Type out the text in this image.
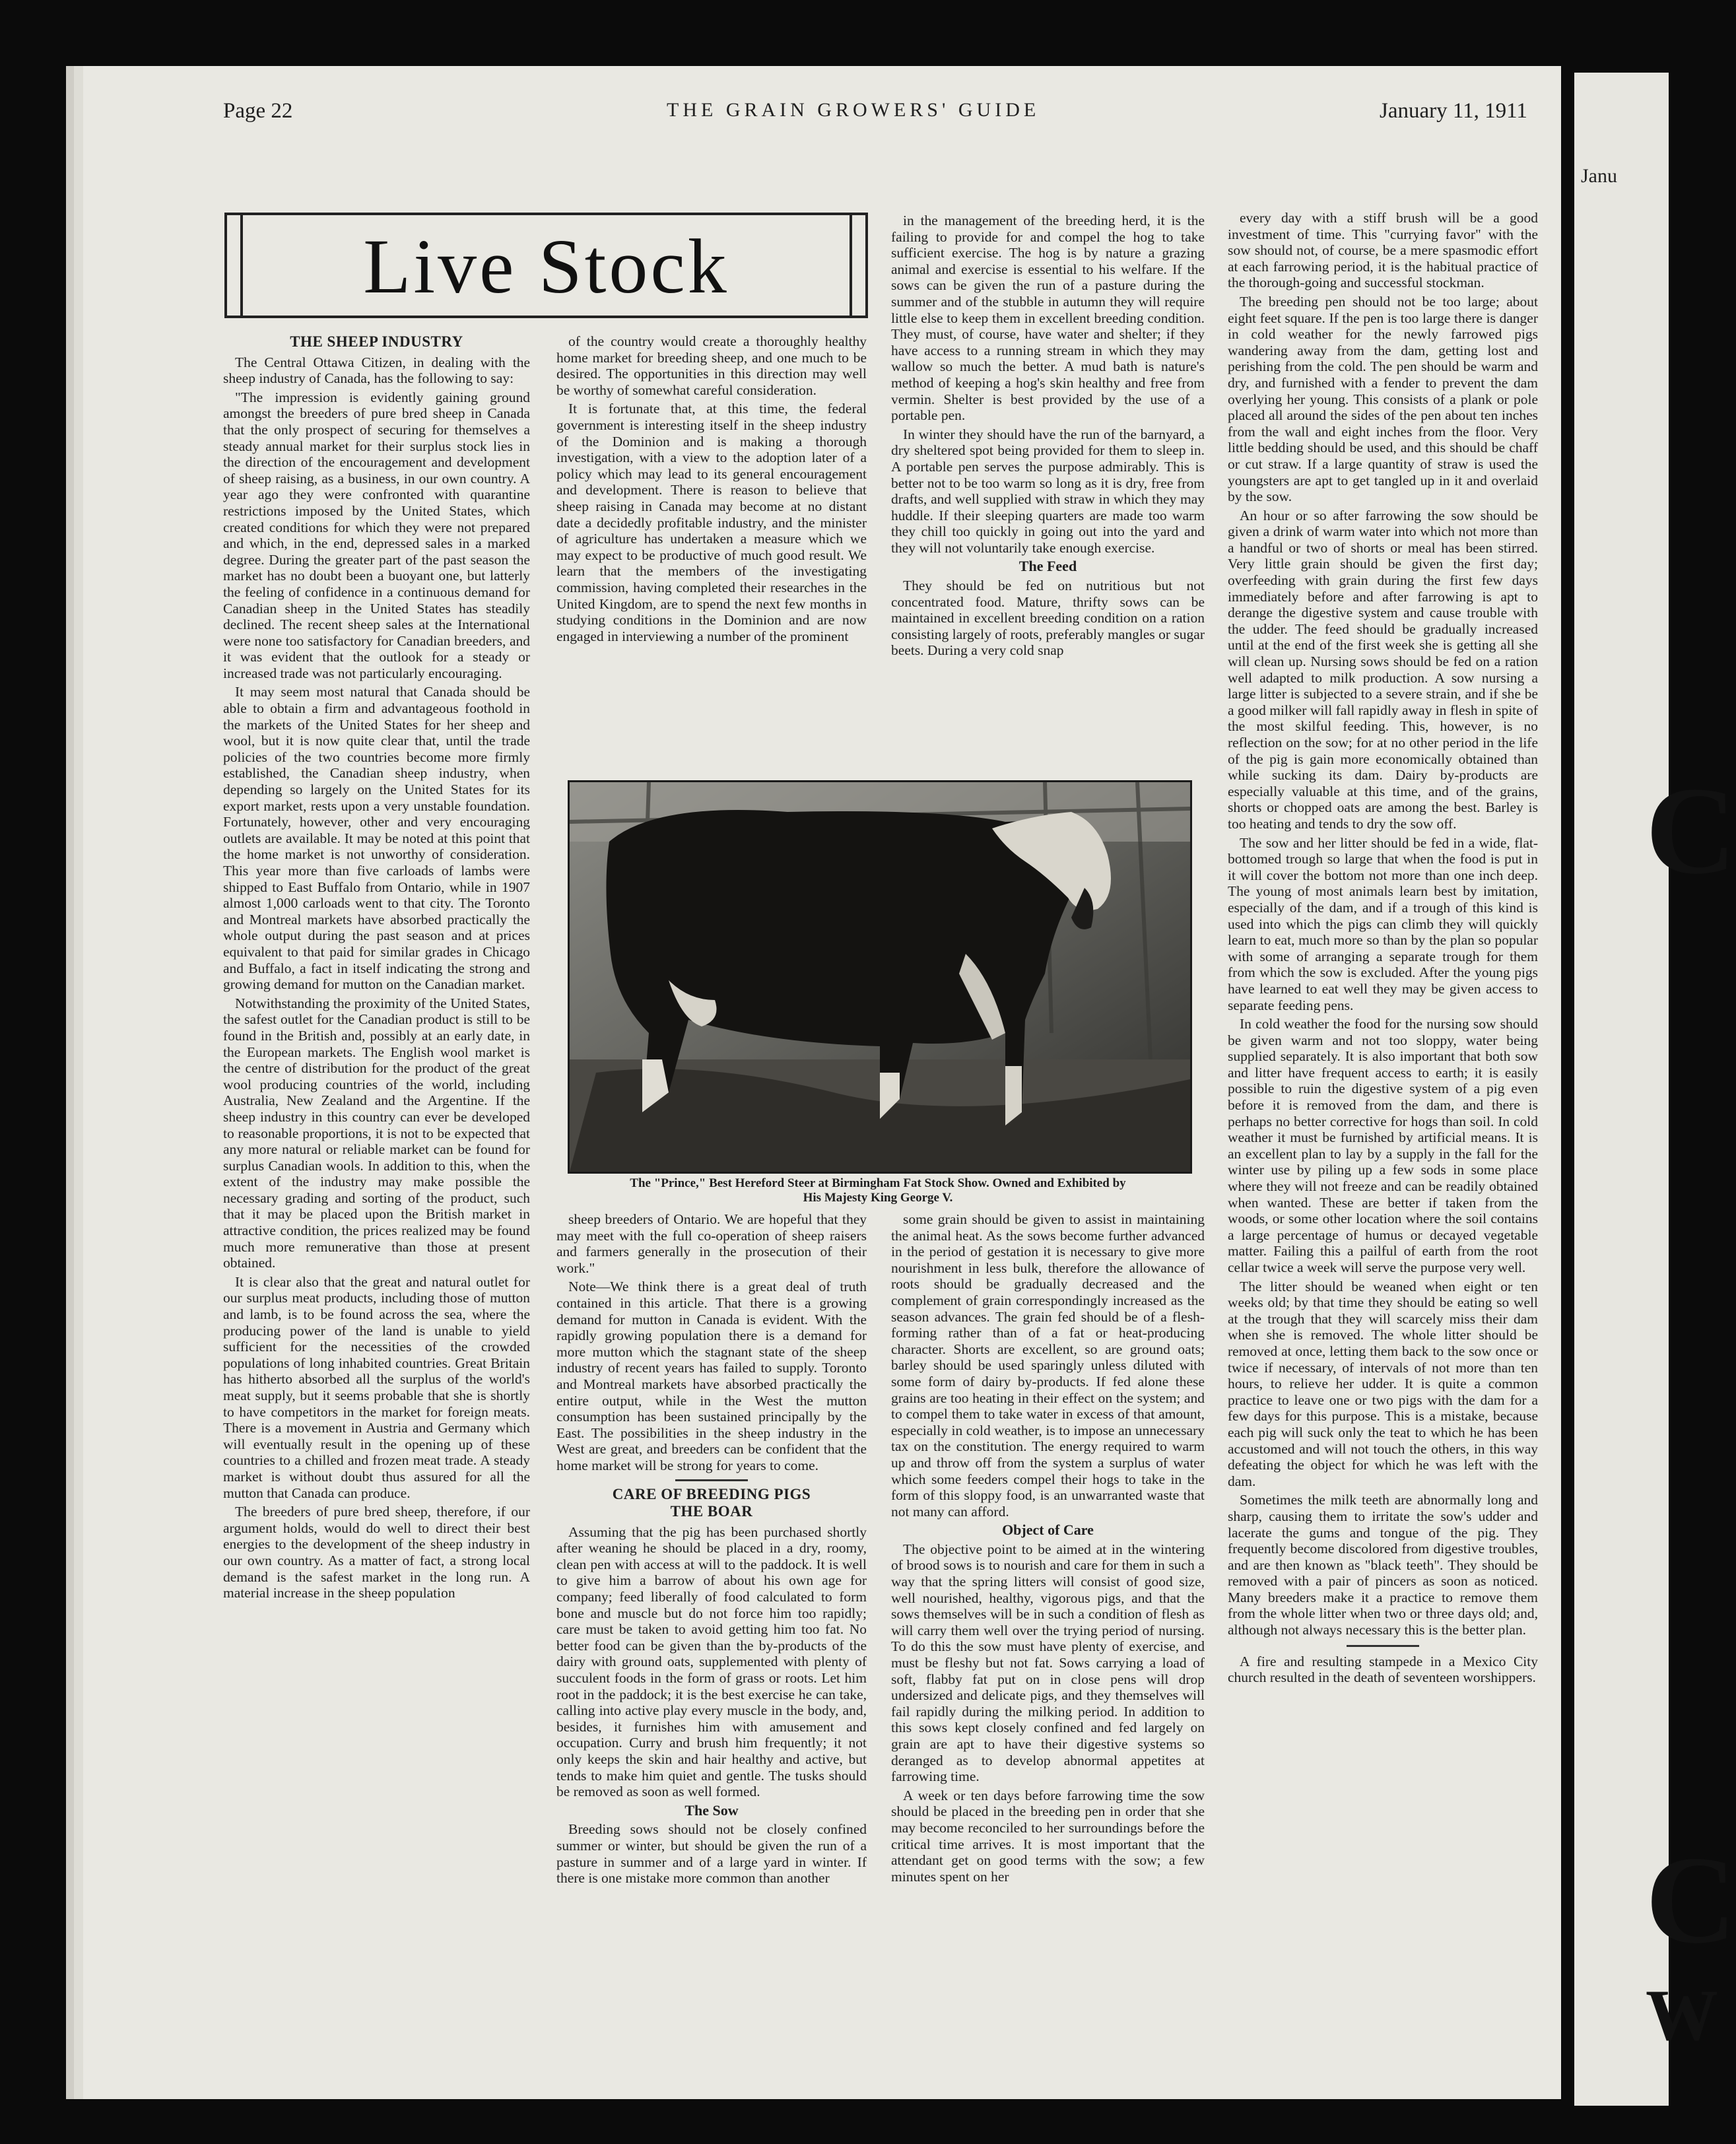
Janu
C
C
W
Page 22	THE GRAIN GROWERS' GUIDE	January 11, 1911
Live Stock
THE SHEEP INDUSTRY

The Central Ottawa Citizen, in dealing with the sheep industry of Canada, has the following to say:

"The impression is evidently gaining ground amongst the breeders of pure bred sheep in Canada that the only prospect of securing for themselves a steady annual market for their surplus stock lies in the direction of the encouragement and development of sheep raising, as a business, in our own country. A year ago they were confronted with quarantine restrictions imposed by the United States, which created conditions for which they were not prepared and which, in the end, depressed sales in a marked degree. During the greater part of the past season the market has no doubt been a buoyant one, but latterly the feeling of confidence in a continuous demand for Canadian sheep in the United States has steadily declined. The recent sheep sales at the International were none too satisfactory for Canadian breeders, and it was evident that the outlook for a steady or increased trade was not particularly encouraging.

It may seem most natural that Canada should be able to obtain a firm and advantageous foothold in the markets of the United States for her sheep and wool, but it is now quite clear that, until the trade policies of the two countries become more firmly established, the Canadian sheep industry, when depending so largely on the United States for its export market, rests upon a very unstable foundation. Fortunately, however, other and very encouraging outlets are available. It may be noted at this point that the home market is not unworthy of consideration. This year more than five carloads of lambs were shipped to East Buffalo from Ontario, while in 1907 almost 1,000 carloads went to that city. The Toronto and Montreal markets have absorbed practically the whole output during the past season and at prices equivalent to that paid for similar grades in Chicago and Buffalo, a fact in itself indicating the strong and growing demand for mutton on the Canadian market.

Notwithstanding the proximity of the United States, the safest outlet for the Canadian product is still to be found in the British and, possibly at an early date, in the European markets. The English wool market is the centre of distribution for the product of the great wool producing countries of the world, including Australia, New Zealand and the Argentine. If the sheep industry in this country can ever be developed to reasonable proportions, it is not to be expected that any more natural or reliable market can be found for surplus Canadian wools. In addition to this, when the extent of the industry may make possible the necessary grading and sorting of the product, such that it may be placed upon the British market in attractive condition, the prices realized may be found much more remunerative than those at present obtained.

It is clear also that the great and natural outlet for our surplus meat products, including those of mutton and lamb, is to be found across the sea, where the producing power of the land is unable to yield sufficient for the necessities of the crowded populations of long inhabited countries. Great Britain has hitherto absorbed all the surplus of the world's meat supply, but it seems probable that she is shortly to have competitors in the market for foreign meats. There is a movement in Austria and Germany which will eventually result in the opening up of these countries to a chilled and frozen meat trade. A steady market is without doubt thus assured for all the mutton that Canada can produce.

The breeders of pure bred sheep, therefore, if our argument holds, would do well to direct their best energies to the development of the sheep industry in our own country. As a matter of fact, a strong local demand is the safest market in the long run. A material increase in the sheep population

of the country would create a thoroughly healthy home market for breeding sheep, and one much to be desired. The opportunities in this direction may well be worthy of somewhat careful consideration.

It is fortunate that, at this time, the federal government is interesting itself in the sheep industry of the Dominion and is making a thorough investigation, with a view to the adoption later of a policy which may lead to its general encouragement and development. There is reason to believe that sheep raising in Canada may become at no distant date a decidedly profitable industry, and the minister of agriculture has undertaken a measure which we may expect to be productive of much good result. We learn that the members of the investigating commission, having completed their researches in the United Kingdom, are to spend the next few months in studying conditions in the Dominion and are now engaged in interviewing a number of the prominent

in the management of the breeding herd, it is the failing to provide for and compel the hog to take sufficient exercise. The hog is by nature a grazing animal and exercise is essential to his welfare. If the sows can be given the run of a pasture during the summer and of the stubble in autumn they will require little else to keep them in excellent breeding condition. They must, of course, have water and shelter; if they have access to a running stream in which they may wallow so much the better. A mud bath is nature's method of keeping a hog's skin healthy and free from vermin. Shelter is best provided by the use of a portable pen.

In winter they should have the run of the barnyard, a dry sheltered spot being provided for them to sleep in. A portable pen serves the purpose admirably. This is better not to be too warm so long as it is dry, free from drafts, and well supplied with straw in which they may huddle. If their sleeping quarters are made too warm they chill too quickly in going out into the yard and they will not voluntarily take enough exercise.

The Feed

They should be fed on nutritious but not concentrated food. Mature, thrifty sows can be maintained in excellent breeding condition on a ration consisting largely of roots, preferably mangles or sugar beets. During a very cold snap

The "Prince," Best Hereford Steer at Birmingham Fat Stock Show. Owned and Exhibited by
His Majesty King George V.

sheep breeders of Ontario. We are hopeful that they may meet with the full co-operation of sheep raisers and farmers generally in the prosecution of their work."

Note—We think there is a great deal of truth contained in this article. That there is a growing demand for mutton in Canada is evident. With the rapidly growing population there is a demand for more mutton which the stagnant state of the sheep industry of recent years has failed to supply. Toronto and Montreal markets have absorbed practically the entire output, while in the West the mutton consumption has been sustained principally by the East. The possibilities in the sheep industry in the West are great, and breeders can be confident that the home market will be strong for years to come.

CARE OF BREEDING PIGS
THE BOAR

Assuming that the pig has been purchased shortly after weaning he should be placed in a dry, roomy, clean pen with access at will to the paddock. It is well to give him a barrow of about his own age for company; feed liberally of food calculated to form bone and muscle but do not force him too rapidly; care must be taken to avoid getting him too fat. No better food can be given than the by-products of the dairy with ground oats, supplemented with plenty of succulent foods in the form of grass or roots. Let him root in the paddock; it is the best exercise he can take, calling into active play every muscle in the body, and, besides, it furnishes him with amusement and occupation. Curry and brush him frequently; it not only keeps the skin and hair healthy and active, but tends to make him quiet and gentle. The tusks should be removed as soon as well formed.

The Sow

Breeding sows should not be closely confined summer or winter, but should be given the run of a pasture in summer and of a large yard in winter. If there is one mistake more common than another

some grain should be given to assist in maintaining the animal heat. As the sows become further advanced in the period of gestation it is necessary to give more nourishment in less bulk, therefore the allowance of roots should be gradually decreased and the complement of grain correspondingly increased as the season advances. The grain fed should be of a flesh-forming rather than of a fat or heat-producing character. Shorts are excellent, so are ground oats; barley should be used sparingly unless diluted with some form of dairy by-products. If fed alone these grains are too heating in their effect on the system; and to compel them to take water in excess of that amount, especially in cold weather, is to impose an unnecessary tax on the constitution. The energy required to warm up and throw off from the system a surplus of water which some feeders compel their hogs to take in the form of this sloppy food, is an unwarranted waste that not many can afford.

Object of Care

The objective point to be aimed at in the wintering of brood sows is to nourish and care for them in such a way that the spring litters will consist of good size, well nourished, healthy, vigorous pigs, and that the sows themselves will be in such a condition of flesh as will carry them well over the trying period of nursing. To do this the sow must have plenty of exercise, and must be fleshy but not fat. Sows carrying a load of soft, flabby fat put on in close pens will drop undersized and delicate pigs, and they themselves will fail rapidly during the milking period. In addition to this sows kept closely confined and fed largely on grain are apt to have their digestive systems so deranged as to develop abnormal appetites at farrowing time.

A week or ten days before farrowing time the sow should be placed in the breeding pen in order that she may become reconciled to her surroundings before the critical time arrives. It is most important that the attendant get on good terms with the sow; a few minutes spent on her

every day with a stiff brush will be a good investment of time. This "currying favor" with the sow should not, of course, be a mere spasmodic effort at each farrowing period, it is the habitual practice of the thorough-going and successful stockman.

The breeding pen should not be too large; about eight feet square. If the pen is too large there is danger in cold weather for the newly farrowed pigs wandering away from the dam, getting lost and perishing from the cold. The pen should be warm and dry, and furnished with a fender to prevent the dam overlying her young. This consists of a plank or pole placed all around the sides of the pen about ten inches from the wall and eight inches from the floor. Very little bedding should be used, and this should be chaff or cut straw. If a large quantity of straw is used the youngsters are apt to get tangled up in it and overlaid by the sow.

An hour or so after farrowing the sow should be given a drink of warm water into which not more than a handful or two of shorts or meal has been stirred. Very little grain should be given the first day; overfeeding with grain during the first few days immediately before and after farrowing is apt to derange the digestive system and cause trouble with the udder. The feed should be gradually increased until at the end of the first week she is getting all she will clean up. Nursing sows should be fed on a ration well adapted to milk production. A sow nursing a large litter is subjected to a severe strain, and if she be a good milker will fall rapidly away in flesh in spite of the most skilful feeding. This, however, is no reflection on the sow; for at no other period in the life of the pig is gain more economically obtained than while sucking its dam. Dairy by-products are especially valuable at this time, and of the grains, shorts or chopped oats are among the best. Barley is too heating and tends to dry the sow off.

The sow and her litter should be fed in a wide, flat-bottomed trough so large that when the food is put in it will cover the bottom not more than one inch deep. The young of most animals learn best by imitation, especially of the dam, and if a trough of this kind is used into which the pigs can climb they will quickly learn to eat, much more so than by the plan so popular with some of arranging a separate trough for them from which the sow is excluded. After the young pigs have learned to eat well they may be given access to separate feeding pens.

In cold weather the food for the nursing sow should be given warm and not too sloppy, water being supplied separately. It is also important that both sow and litter have frequent access to earth; it is easily possible to ruin the digestive system of a pig even before it is removed from the dam, and there is perhaps no better corrective for hogs than soil. In cold weather it must be furnished by artificial means. It is an excellent plan to lay by a supply in the fall for the winter use by piling up a few sods in some place where they will not freeze and can be readily obtained when wanted. These are better if taken from the woods, or some other location where the soil contains a large percentage of humus or decayed vegetable matter. Failing this a pailful of earth from the root cellar twice a week will serve the purpose very well.

The litter should be weaned when eight or ten weeks old; by that time they should be eating so well at the trough that they will scarcely miss their dam when she is removed. The whole litter should be removed at once, letting them back to the sow once or twice if necessary, of intervals of not more than ten hours, to relieve her udder. It is quite a common practice to leave one or two pigs with the dam for a few days for this purpose. This is a mistake, because each pig will suck only the teat to which he has been accustomed and will not touch the others, in this way defeating the object for which he was left with the dam.

Sometimes the milk teeth are abnormally long and sharp, causing them to irritate the sow's udder and lacerate the gums and tongue of the pig. They frequently become discolored from digestive troubles, and are then known as "black teeth". They should be removed with a pair of pincers as soon as noticed. Many breeders make it a practice to remove them from the whole litter when two or three days old; and, although not always necessary this is the better plan.

A fire and resulting stampede in a Mexico City church resulted in the death of seventeen worshippers.
